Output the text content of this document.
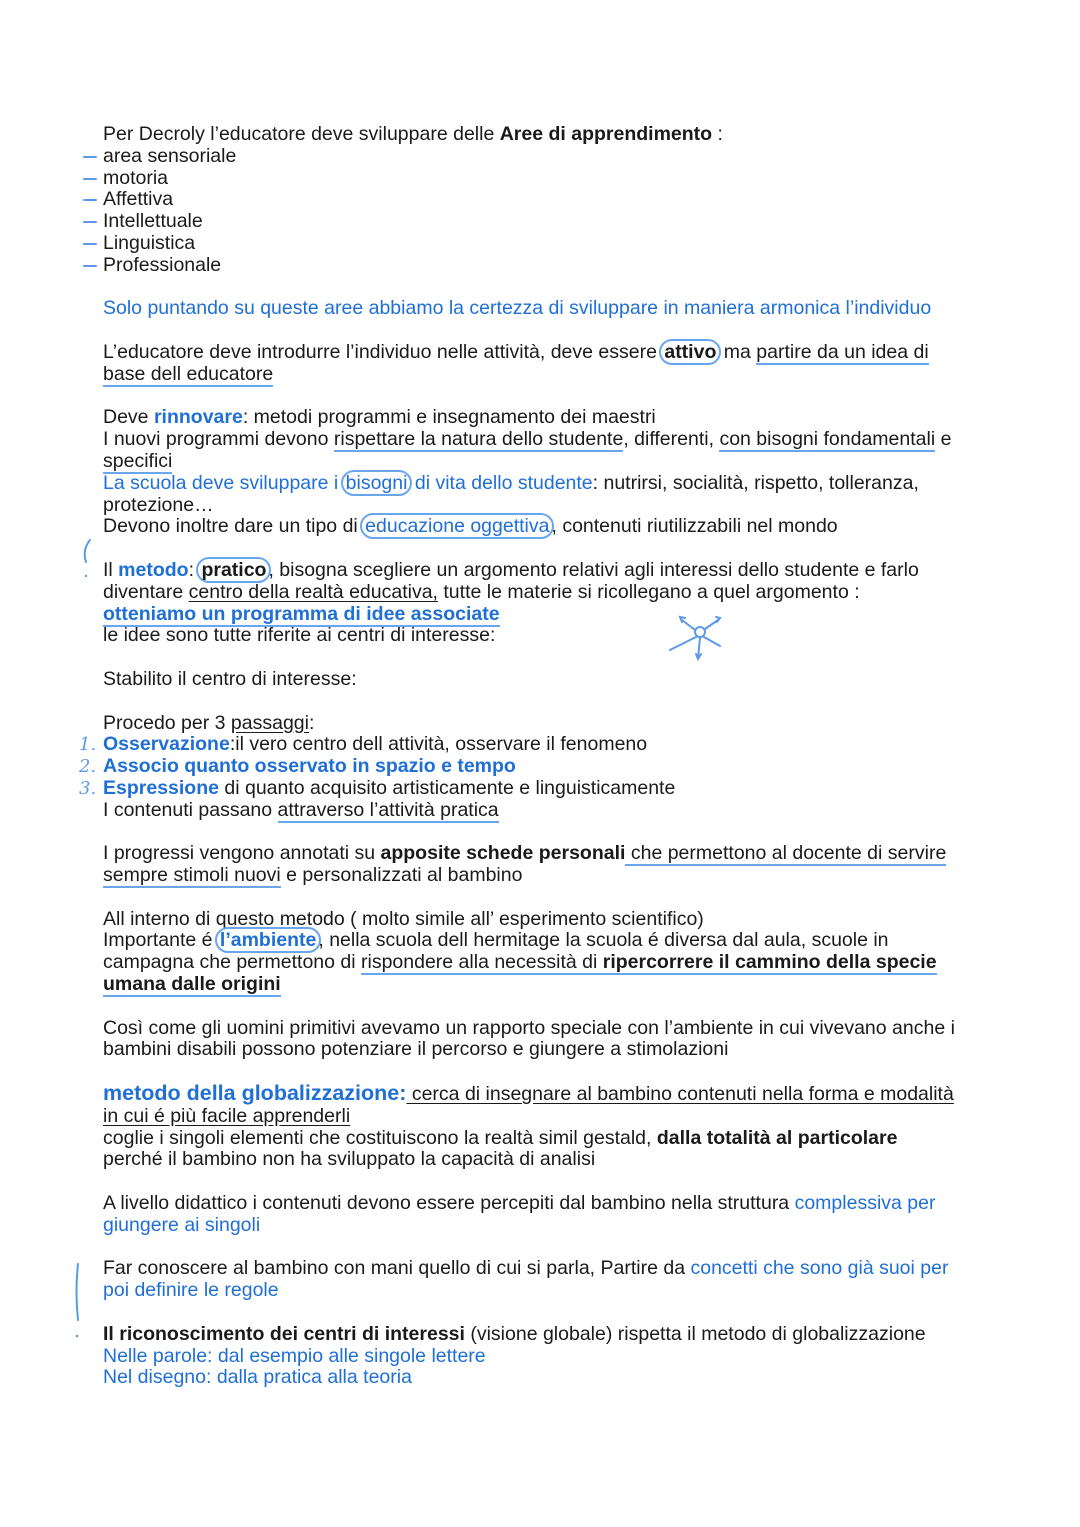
Per Decroly l’educatore deve sviluppare delle Aree di apprendimento :

area sensoriale

motoria

Affettiva

Intellettuale

Linguistica

Professionale

Solo puntando su queste aree abbiamo la certezza di sviluppare in maniera armonica l’individuo

L’educatore deve introdurre l’individuo nelle attività, deve essere attivo ma partire da un idea di
base dell educatore

Deve rinnovare: metodi programmi e insegnamento dei maestri
I nuovi programmi devono rispettare la natura dello studente, differenti, con bisogni fondamentali e
specifici
La scuola deve sviluppare i bisogni di vita dello studente: nutrirsi, socialità, rispetto, tolleranza,
protezione…
Devono inoltre dare un tipo di educazione oggettiva , contenuti riutilizzabili nel mondo

Il metodo: pratico , bisogna scegliere un argomento relativi agli interessi dello studente e farlo
diventare centro della realtà educativa, tutte le materie si ricollegano a quel argomento :
otteniamo un programma di idee associate
le idee sono tutte riferite ai centri di interesse:

Stabilito il centro di interesse:

Procedo per 3 passaggi:

1. Osservazione:il vero centro dell attività, osservare il fenomeno

2. Associo quanto osservato in spazio e tempo

3. Espressione di quanto acquisito artisticamente e linguisticamente

I contenuti passano attraverso l’attività pratica

I progressi vengono annotati su apposite schede personali che permettono al docente di servire
sempre stimoli nuovi e personalizzati al bambino

All interno di questo metodo ( molto simile all’ esperimento scientifico)
Importante é l’ambiente , nella scuola dell hermitage la scuola é diversa dal aula, scuole in
campagna che permettono di rispondere alla necessità di ripercorrere il cammino della specie
umana dalle origini

Così come gli uomini primitivi avevamo un rapporto speciale con l’ambiente in cui vivevano anche i bambini disabili possono potenziare il percorso e giungere a stimolazioni

metodo della globalizzazione: cerca di insegnare al bambino contenuti nella forma e modalità
in cui é più facile apprenderli
coglie i singoli elementi che costituiscono la realtà simil gestald, dalla totalità al particolare
perché il bambino non ha sviluppato la capacità di analisi

A livello didattico i contenuti devono essere percepiti dal bambino nella struttura complessiva per
giungere ai singoli

Far conoscere al bambino con mani quello di cui si parla, Partire da concetti che sono già suoi per
poi definire le regole

Il riconoscimento dei centri di interessi (visione globale) rispetta il metodo di globalizzazione
Nelle parole: dal esempio alle singole lettere
Nel disegno: dalla pratica alla teoria
